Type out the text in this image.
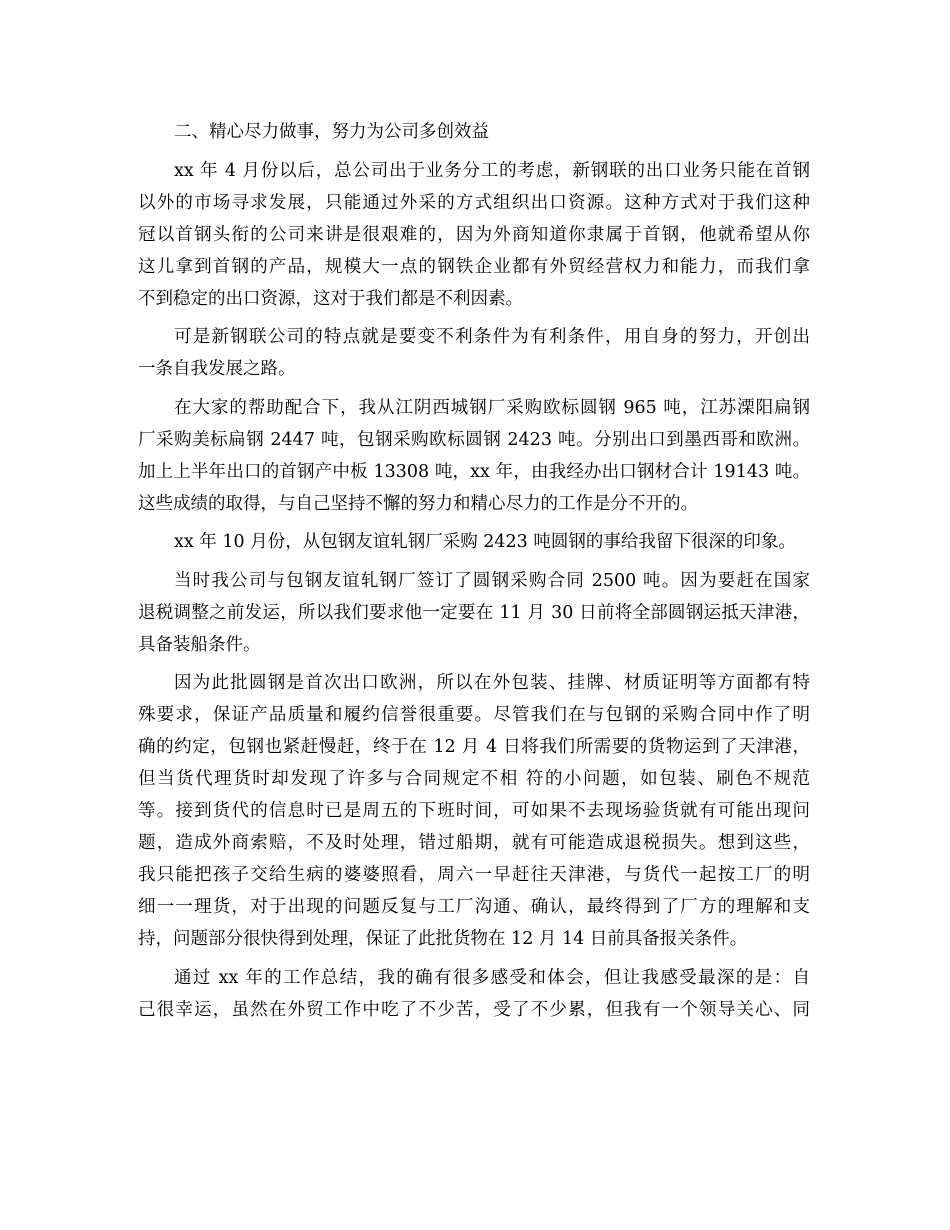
二、精心尽力做事，努力为公司多创效益
xx 年 4 月份以后，总公司出于业务分工的考虑，新钢联的出口业务只能在首钢
以外的市场寻求发展，只能通过外采的方式组织出口资源。这种方式对于我们这种
冠以首钢头衔的公司来讲是很艰难的，因为外商知道你隶属于首钢，他就希望从你
这儿拿到首钢的产品，规模大一点的钢铁企业都有外贸经营权力和能力，而我们拿
不到稳定的出口资源，这对于我们都是不利因素。
可是新钢联公司的特点就是要变不利条件为有利条件，用自身的努力，开创出
一条自我发展之路。
在大家的帮助配合下，我从江阴西城钢厂采购欧标圆钢 965 吨，江苏溧阳扁钢
厂采购美标扁钢 2447 吨，包钢采购欧标圆钢 2423 吨。分别出口到墨西哥和欧洲。
加上上半年出口的首钢产中板 13308 吨，xx 年，由我经办出口钢材合计 19143 吨。
这些成绩的取得，与自己坚持不懈的努力和精心尽力的工作是分不开的。
xx 年 10 月份，从包钢友谊轧钢厂采购 2423 吨圆钢的事给我留下很深的印象。
当时我公司与包钢友谊轧钢厂签订了圆钢采购合同 2500 吨。因为要赶在国家
退税调整之前发运，所以我们要求他一定要在 11 月 30 日前将全部圆钢运抵天津港，
具备装船条件。
因为此批圆钢是首次出口欧洲，所以在外包装、挂牌、材质证明等方面都有特
殊要求，保证产品质量和履约信誉很重要。尽管我们在与包钢的采购合同中作了明
确的约定，包钢也紧赶慢赶，终于在 12 月 4 日将我们所需要的货物运到了天津港，
但当货代理货时却发现了许多与合同规定不相 符的小问题，如包装、刷色不规范
等。接到货代的信息时已是周五的下班时间，可如果不去现场验货就有可能出现问
题，造成外商索赔，不及时处理，错过船期，就有可能造成退税损失。想到这些，
我只能把孩子交给生病的婆婆照看，周六一早赶往天津港，与货代一起按工厂的明
细一一理货，对于出现的问题反复与工厂沟通、确认，最终得到了厂方的理解和支
持，问题部分很快得到处理，保证了此批货物在 12 月 14 日前具备报关条件。
通过 xx 年的工作总结，我的确有很多感受和体会，但让我感受最深的是：自
己很幸运，虽然在外贸工作中吃了不少苦，受了不少累，但我有一个领导关心、同
